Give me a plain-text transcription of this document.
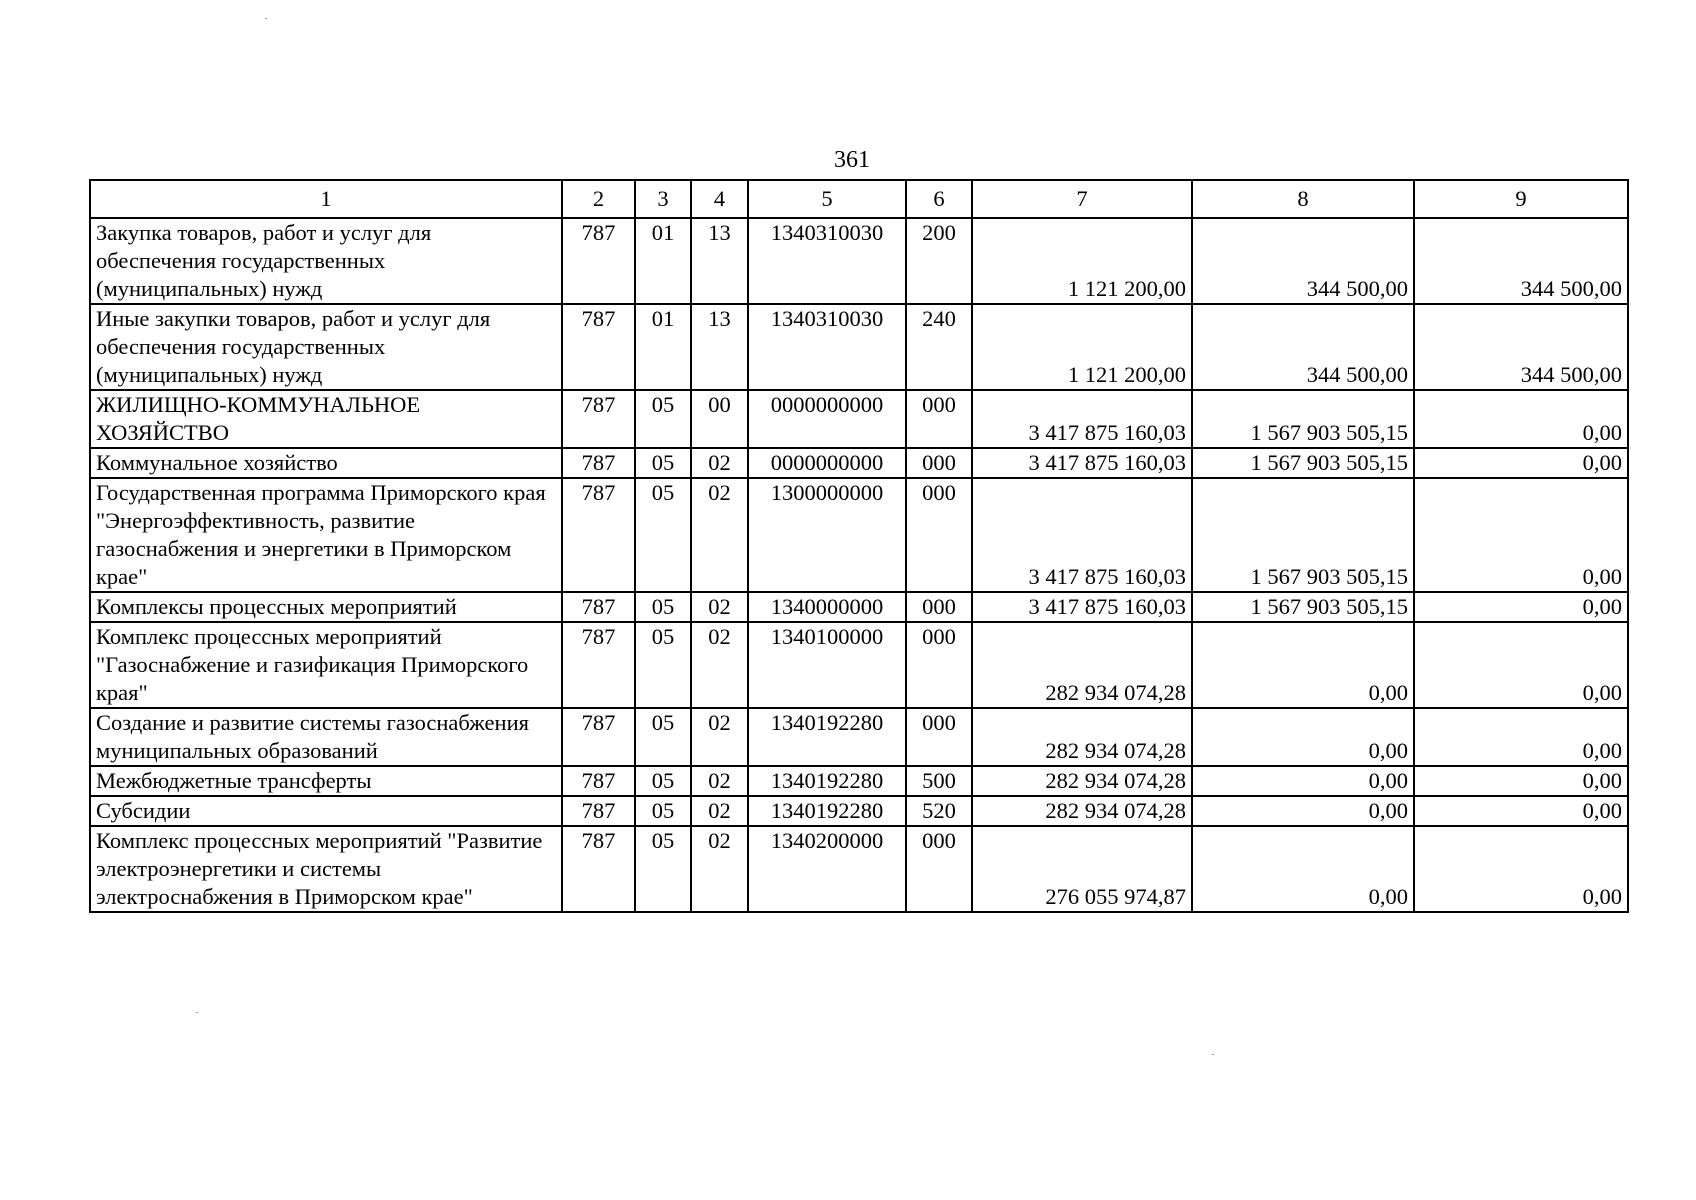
361
1	2	3	4	5	6	7	8	9
Закупка товаров, работ и услуг для обеспечения государственных (муниципальных) нужд	787	01	13	1340310030	200	1 121 200,00	344 500,00	344 500,00
Иные закупки товаров, работ и услуг для обеспечения государственных (муниципальных) нужд	787	01	13	1340310030	240	1 121 200,00	344 500,00	344 500,00
ЖИЛИЩНО-КОММУНАЛЬНОЕ ХОЗЯЙСТВО	787	05	00	0000000000	000	3 417 875 160,03	1 567 903 505,15	0,00
Коммунальное хозяйство	787	05	02	0000000000	000	3 417 875 160,03	1 567 903 505,15	0,00
Государственная программа Приморского края "Энергоэффективность, развитие газоснабжения и энергетики в Приморском крае"	787	05	02	1300000000	000	3 417 875 160,03	1 567 903 505,15	0,00
Комплексы процессных мероприятий	787	05	02	1340000000	000	3 417 875 160,03	1 567 903 505,15	0,00
Комплекс процессных мероприятий "Газоснабжение и газификация Приморского края"	787	05	02	1340100000	000	282 934 074,28	0,00	0,00
Создание и развитие системы газоснабжения муниципальных образований	787	05	02	1340192280	000	282 934 074,28	0,00	0,00
Межбюджетные трансферты	787	05	02	1340192280	500	282 934 074,28	0,00	0,00
Субсидии	787	05	02	1340192280	520	282 934 074,28	0,00	0,00
Комплекс процессных мероприятий "Развитие электроэнергетики и системы электроснабжения в Приморском крае"	787	05	02	1340200000	000	276 055 974,87	0,00	0,00
